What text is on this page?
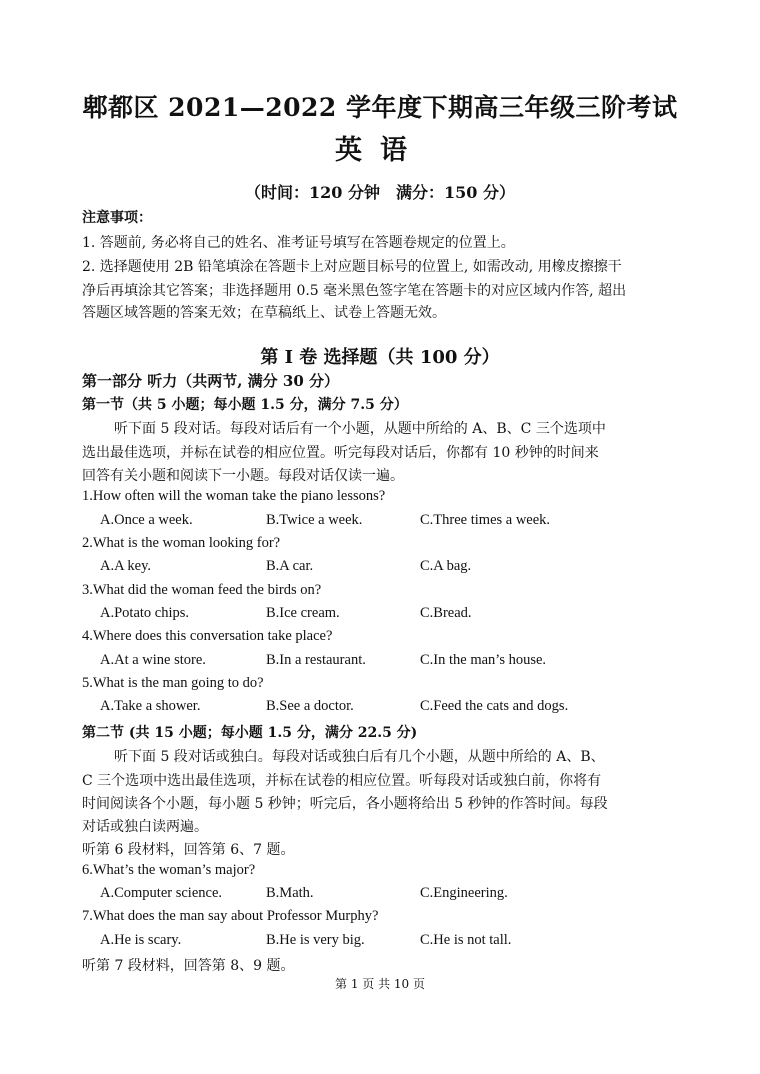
郫都区 2021—2022 学年度下期高三年级三阶考试
英语
（时间：120 分钟　满分：150 分）
注意事项：
1. 答题前, 务必将自己的姓名、准考证号填写在答题卷规定的位置上。
2. 选择题使用 2B 铅笔填涂在答题卡上对应题目标号的位置上, 如需改动, 用橡皮擦擦干
净后再填涂其它答案；非选择题用 0.5 毫米黑色签字笔在答题卡的对应区域内作答, 超出
答题区域答题的答案无效；在草稿纸上、试卷上答题无效。
第 I 卷 选择题（共 100 分）
第一部分 听力（共两节, 满分 30 分）
第一节（共 5 小题；每小题 1.5 分，满分 7.5 分）
听下面 5 段对话。每段对话后有一个小题，从题中所给的 A、B、C 三个选项中
选出最佳选项，并标在试卷的相应位置。听完每段对话后，你都有 10 秒钟的时间来
回答有关小题和阅读下一小题。每段对话仅读一遍。
1.How often will the woman take the piano lessons?
A.Once a week.	B.Twice a week.	C.Three times a week.
2.What is the woman looking for?
A.A key.	B.A car.	C.A bag.
3.What did the woman feed the birds on?
A.Potato chips.	B.Ice cream.	C.Bread.
4.Where does this conversation take place?
A.At a wine store.	B.In a restaurant.	C.In the man’s house.
5.What is the man going to do?
A.Take a shower.	B.See a doctor.	C.Feed the cats and dogs.
第二节 (共 15 小题；每小题 1.5 分，满分 22.5 分)
听下面 5 段对话或独白。每段对话或独白后有几个小题，从题中所给的 A、B、
C 三个选项中选出最佳选项，并标在试卷的相应位置。听每段对话或独白前，你将有
时间阅读各个小题，每小题 5 秒钟；听完后，各小题将给出 5 秒钟的作答时间。每段
对话或独白读两遍。
听第 6 段材料，回答第 6、7 题。
6.What’s the woman’s major?
A.Computer science.	B.Math.	C.Engineering.
7.What does the man say about Professor Murphy?
A.He is scary.	B.He is very big.	C.He is not tall.
听第 7 段材料，回答第 8、9 题。
第 1 页 共 10 页
